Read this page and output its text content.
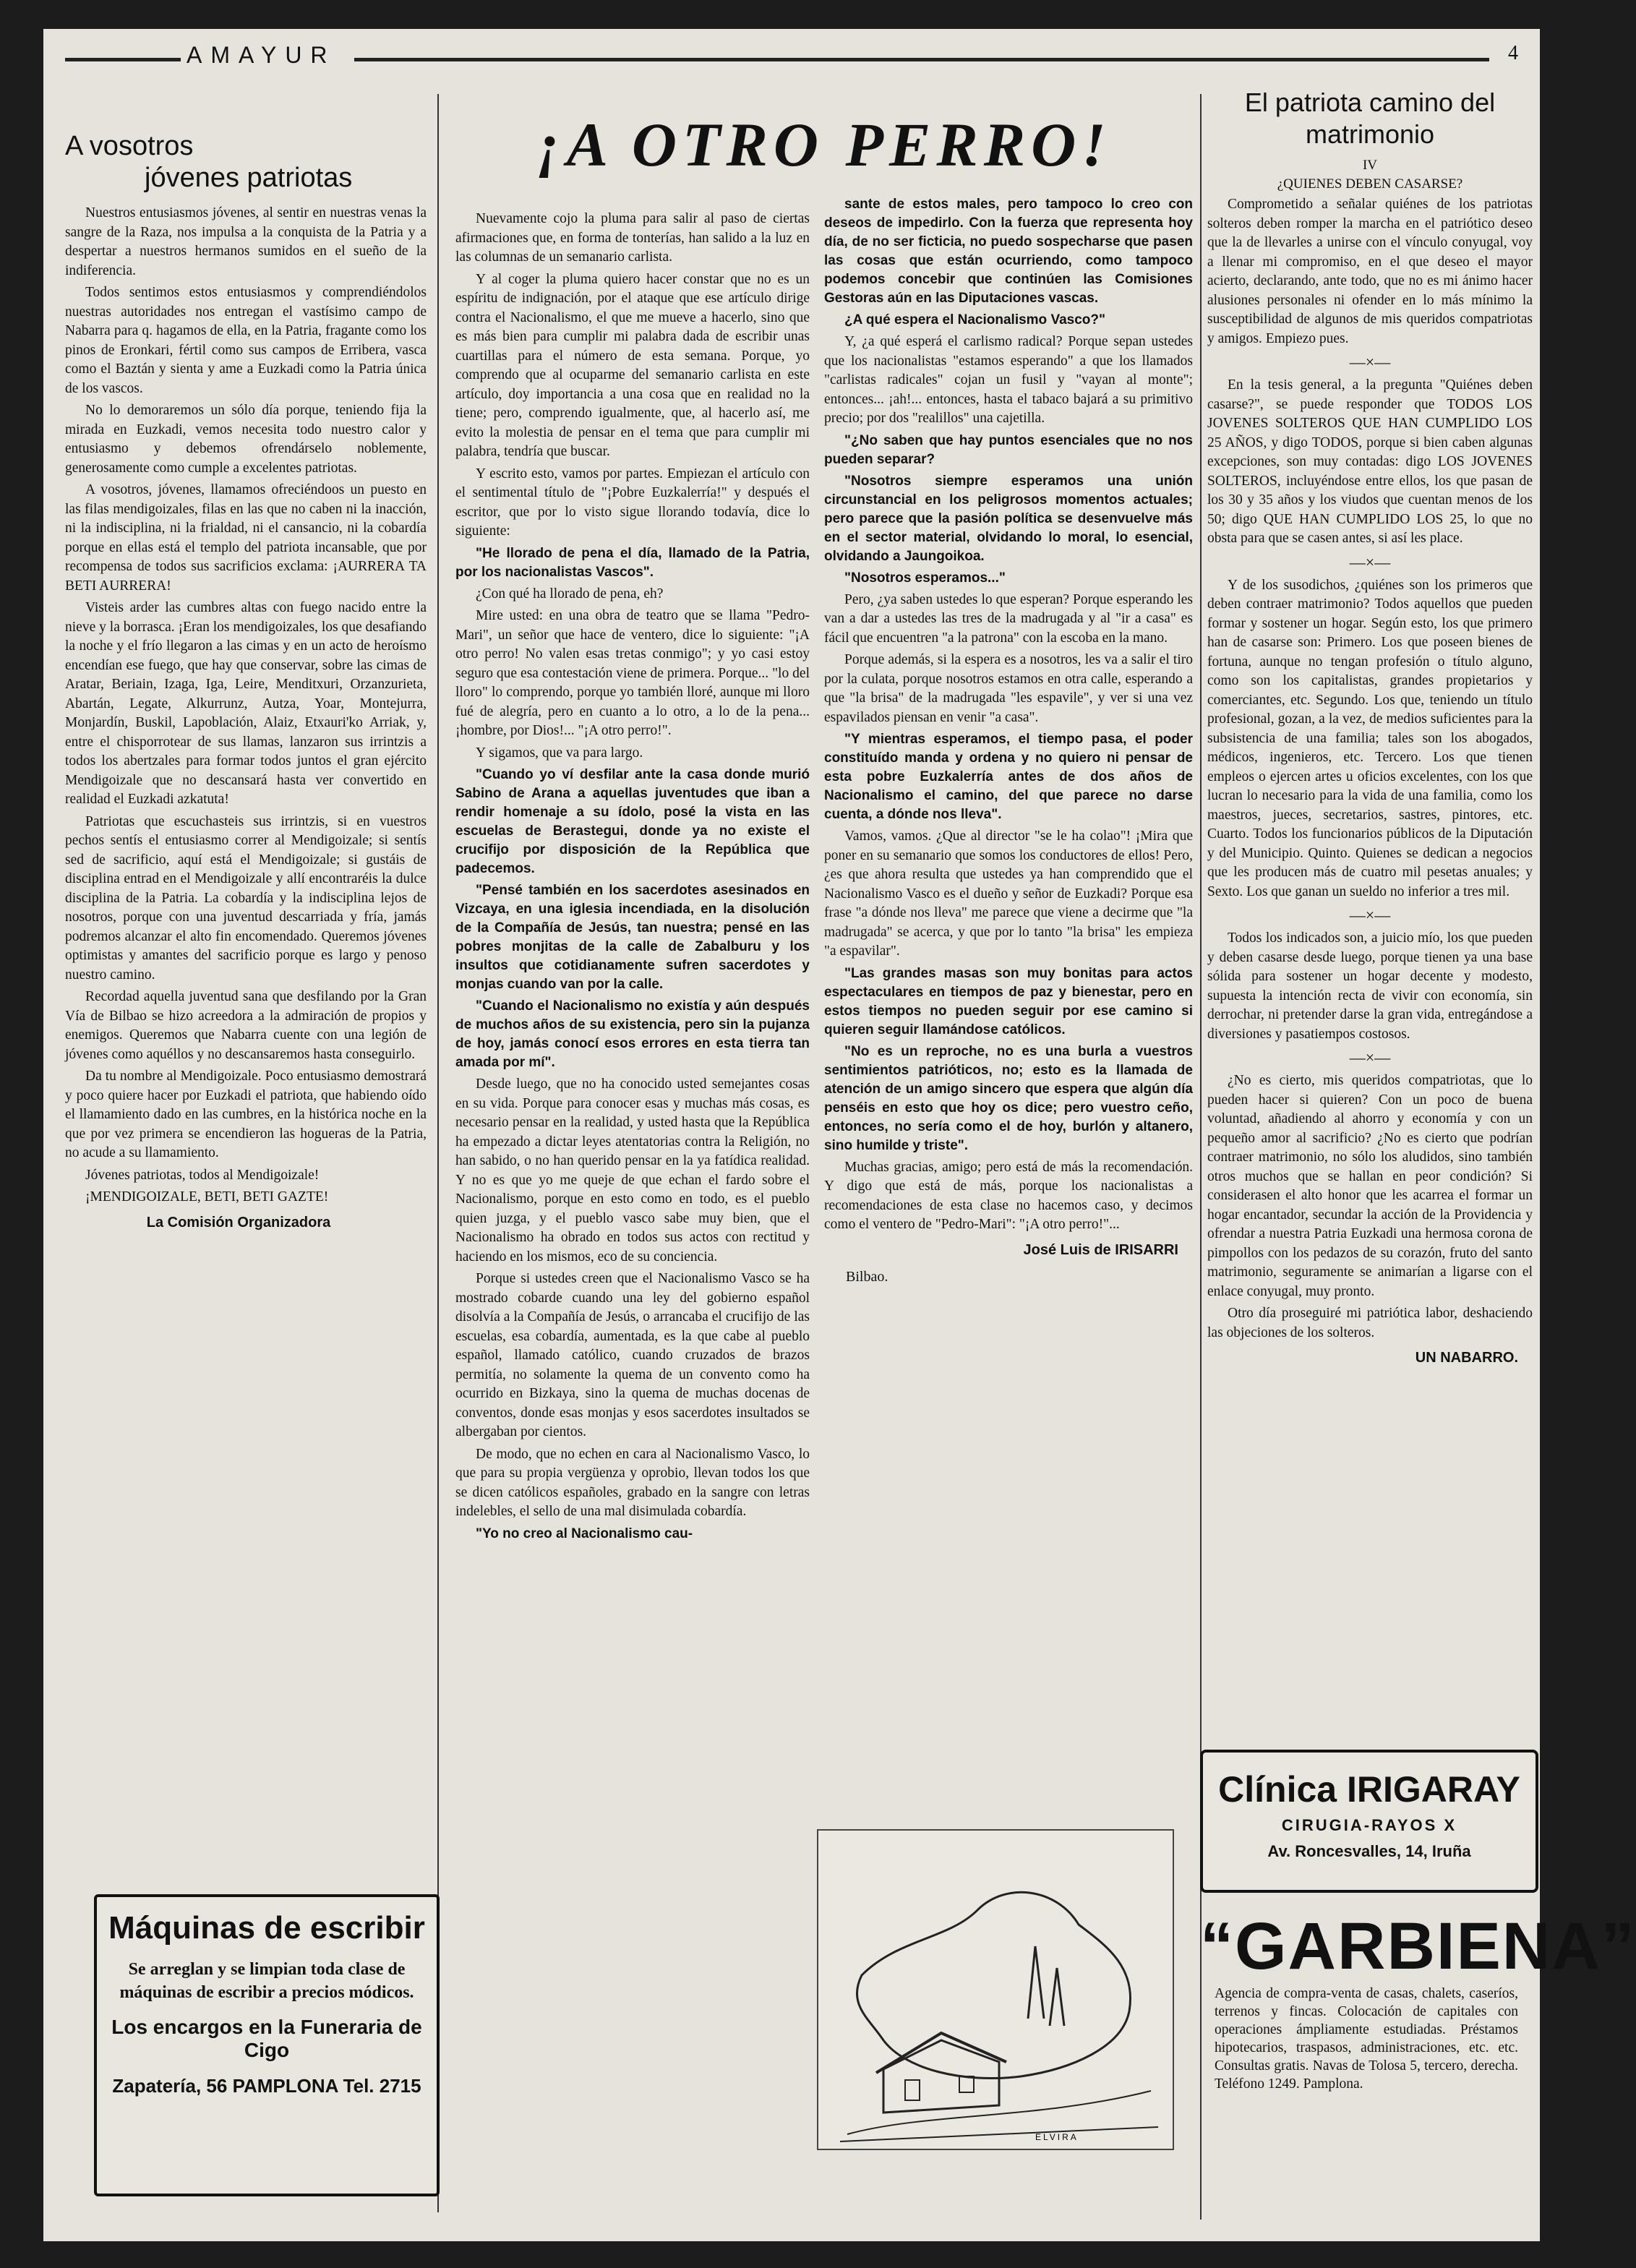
AMAYUR	4
A vosotros
jóvenes patriotas

Nuestros entusiasmos jóvenes, al sentir en nuestras venas la sangre de la Raza, nos impulsa a la conquista de la Patria y a despertar a nuestros hermanos sumidos en el sueño de la indiferencia.

Todos sentimos estos entusiasmos y comprendiéndolos nuestras autoridades nos entregan el vastísimo campo de Nabarra para q. hagamos de ella, en la Patria, fragante como los pinos de Eronkari, fértil como sus campos de Erribera, vasca como el Baztán y sienta y ame a Euzkadi como la Patria única de los vascos.

No lo demoraremos un sólo día porque, teniendo fija la mirada en Euzkadi, vemos necesita todo nuestro calor y entusiasmo y debemos ofrendárselo noblemente, generosamente como cumple a excelentes patriotas.

A vosotros, jóvenes, llamamos ofreciéndoos un puesto en las filas mendigoizales, filas en las que no caben ni la inacción, ni la indisciplina, ni la frialdad, ni el cansancio, ni la cobardía porque en ellas está el templo del patriota incansable, que por recompensa de todos sus sacrificios exclama: ¡AURRERA TA BETI AURRERA!

Visteis arder las cumbres altas con fuego nacido entre la nieve y la borrasca. ¡Eran los mendigoizales, los que desafiando la noche y el frío llegaron a las cimas y en un acto de heroísmo encendían ese fuego, que hay que conservar, sobre las cimas de Aratar, Beriain, Izaga, Iga, Leire, Menditxuri, Orzanzurieta, Abartán, Legate, Alkurrunz, Autza, Yoar, Montejurra, Monjardín, Buskil, Lapoblación, Alaiz, Etxauri'ko Arriak, y, entre el chisporrotear de sus llamas, lanzaron sus irrintzis a todos los abertzales para formar todos juntos el gran ejército Mendigoizale que no descansará hasta ver convertido en realidad el Euzkadi azkatuta!

Patriotas que escuchasteis sus irrintzis, si en vuestros pechos sentís el entusiasmo correr al Mendigoizale; si sentís sed de sacrificio, aquí está el Mendigoizale; si gustáis de disciplina entrad en el Mendigoizale y allí encontraréis la dulce disciplina de la Patria. La cobardía y la indisciplina lejos de nosotros, porque con una juventud descarriada y fría, jamás podremos alcanzar el alto fin encomendado. Queremos jóvenes optimistas y amantes del sacrificio porque es largo y penoso nuestro camino.

Recordad aquella juventud sana que desfilando por la Gran Vía de Bilbao se hizo acreedora a la admiración de propios y enemigos. Queremos que Nabarra cuente con una legión de jóvenes como aquéllos y no descansaremos hasta conseguirlo.

Da tu nombre al Mendigoizale. Poco entusiasmo demostrará y poco quiere hacer por Euzkadi el patriota, que habiendo oído el llamamiento dado en las cumbres, en la histórica noche en la que por vez primera se encendieron las hogueras de la Patria, no acude a su llamamiento.

Jóvenes patriotas, todos al Mendigoizale!

¡MENDIGOIZALE, BETI, BETI GAZTE!

La Comisión Organizadora
¡A OTRO PERRO!

Nuevamente cojo la pluma para salir al paso de ciertas afirmaciones que, en forma de tonterías, han salido a la luz en las columnas de un semanario carlista.

Y al coger la pluma quiero hacer constar que no es un espíritu de indignación, por el ataque que ese artículo dirige contra el Nacionalismo, el que me mueve a hacerlo, sino que es más bien para cumplir mi palabra dada de escribir unas cuartillas para el número de esta semana. Porque, yo comprendo que al ocuparme del semanario carlista en este artículo, doy importancia a una cosa que en realidad no la tiene; pero, comprendo igualmente, que, al hacerlo así, me evito la molestia de pensar en el tema que para cumplir mi palabra, tendría que buscar.

Y escrito esto, vamos por partes. Empiezan el artículo con el sentimental título de "¡Pobre Euzkalerría!" y después el escritor, que por lo visto sigue llorando todavía, dice lo siguiente:

"He llorado de pena el día, llamado de la Patria, por los nacionalistas Vascos".

¿Con qué ha llorado de pena, eh?

Mire usted: en una obra de teatro que se llama "Pedro-Mari", un señor que hace de ventero, dice lo siguiente: "¡A otro perro! No valen esas tretas conmigo"; y yo casi estoy seguro que esa contestación viene de primera. Porque... "lo del lloro" lo comprendo, porque yo también lloré, aunque mi lloro fué de alegría, pero en cuanto a lo otro, a lo de la pena... ¡hombre, por Dios!... "¡A otro perro!".

Y sigamos, que va para largo.

"Cuando yo ví desfilar ante la casa donde murió Sabino de Arana a aquellas juventudes que iban a rendir homenaje a su ídolo, posé la vista en las escuelas de Berastegui, donde ya no existe el crucifijo por disposición de la República que padecemos.

"Pensé también en los sacerdotes asesinados en Vizcaya, en una iglesia incendiada, en la disolución de la Compañía de Jesús, tan nuestra; pensé en las pobres monjitas de la calle de Zabalburu y los insultos que cotidianamente sufren sacerdotes y monjas cuando van por la calle.

"Cuando el Nacionalismo no existía y aún después de muchos años de su existencia, pero sin la pujanza de hoy, jamás conocí esos errores en esta tierra tan amada por mí".

Desde luego, que no ha conocido usted semejantes cosas en su vida. Porque para conocer esas y muchas más cosas, es necesario pensar en la realidad, y usted hasta que la República ha empezado a dictar leyes atentatorias contra la Religión, no han sabido, o no han querido pensar en la ya fatídica realidad. Y no es que yo me queje de que echan el fardo sobre el Nacionalismo, porque en esto como en todo, es el pueblo quien juzga, y el pueblo vasco sabe muy bien, que el Nacionalismo ha obrado en todos sus actos con rectitud y haciendo en los mismos, eco de su conciencia.

Porque si ustedes creen que el Nacionalismo Vasco se ha mostrado cobarde cuando una ley del gobierno español disolvía a la Compañía de Jesús, o arrancaba el crucifijo de las escuelas, esa cobardía, aumentada, es la que cabe al pueblo español, llamado católico, cuando cruzados de brazos permitía, no solamente la quema de un convento como ha ocurrido en Bizkaya, sino la quema de muchas docenas de conventos, donde esas monjas y esos sacerdotes insultados se albergaban por cientos.

De modo, que no echen en cara al Nacionalismo Vasco, lo que para su propia vergüenza y oprobio, llevan todos los que se dicen católicos españoles, grabado en la sangre con letras indelebles, el sello de una mal disimulada cobardía.

"Yo no creo al Nacionalismo cau-

sante de estos males, pero tampoco lo creo con deseos de impedirlo. Con la fuerza que representa hoy día, de no ser ficticia, no puedo sospecharse que pasen las cosas que están ocurriendo, como tampoco podemos concebir que continúen las Comisiones Gestoras aún en las Diputaciones vascas.

¿A qué espera el Nacionalismo Vasco?"

Y, ¿a qué esperá el carlismo radical? Porque sepan ustedes que los nacionalistas "estamos esperando" a que los llamados "carlistas radicales" cojan un fusil y "vayan al monte"; entonces... ¡ah!... entonces, hasta el tabaco bajará a su primitivo precio; por dos "realillos" una cajetilla.

"¿No saben que hay puntos esenciales que no nos pueden separar?

"Nosotros siempre esperamos una unión circunstancial en los peligrosos momentos actuales; pero parece que la pasión política se desenvuelve más en el sector material, olvidando lo moral, lo esencial, olvidando a Jaungoikoa.

"Nosotros esperamos..."

Pero, ¿ya saben ustedes lo que esperan? Porque esperando les van a dar a ustedes las tres de la madrugada y al "ir a casa" es fácil que encuentren "a la patrona" con la escoba en la mano.

Porque además, si la espera es a nosotros, les va a salir el tiro por la culata, porque nosotros estamos en otra calle, esperando a que "la brisa" de la madrugada "les espavile", y ver si una vez espavilados piensan en venir "a casa".

"Y mientras esperamos, el tiempo pasa, el poder constituído manda y ordena y no quiero ni pensar de esta pobre Euzkalerría antes de dos años de Nacionalismo el camino, del que parece no darse cuenta, a dónde nos lleva".

Vamos, vamos. ¿Que al director "se le ha colao"! ¡Mira que poner en su semanario que somos los conductores de ellos! Pero, ¿es que ahora resulta que ustedes ya han comprendido que el Nacionalismo Vasco es el dueño y señor de Euzkadi? Porque esa frase "a dónde nos lleva" me parece que viene a decirme que "la madrugada" se acerca, y que por lo tanto "la brisa" les empieza "a espavilar".

"Las grandes masas son muy bonitas para actos espectaculares en tiempos de paz y bienestar, pero en estos tiempos no pueden seguir por ese camino si quieren seguir llamándose católicos.

"No es un reproche, no es una burla a vuestros sentimientos patrióticos, no; esto es la llamada de atención de un amigo sincero que espera que algún día penséis en esto que hoy os dice; pero vuestro ceño, entonces, no sería como el de hoy, burlón y altanero, sino humilde y triste".

Muchas gracias, amigo; pero está de más la recomendación. Y digo que está de más, porque los nacionalistas a recomendaciones de esta clase no hacemos caso, y decimos como el ventero de "Pedro-Mari": "¡A otro perro!"...

José Luis de IRISARRI
Bilbao.
ELVIRA
El patriota camino del matrimonio
IV
¿QUIENES DEBEN CASARSE?

Comprometido a señalar quiénes de los patriotas solteros deben romper la marcha en el patriótico deseo que la de llevarles a unirse con el vínculo conyugal, voy a llenar mi compromiso, en el que deseo el mayor acierto, declarando, ante todo, que no es mi ánimo hacer alusiones personales ni ofender en lo más mínimo la susceptibilidad de algunos de mis queridos compatriotas y amigos. Empiezo pues.

—×—

En la tesis general, a la pregunta "Quiénes deben casarse?", se puede responder que TODOS LOS JOVENES SOLTEROS QUE HAN CUMPLIDO LOS 25 AÑOS, y digo TODOS, porque si bien caben algunas excepciones, son muy contadas: digo LOS JOVENES SOLTEROS, incluyéndose entre ellos, los que pasan de los 30 y 35 años y los viudos que cuentan menos de los 50; digo QUE HAN CUMPLIDO LOS 25, lo que no obsta para que se casen antes, si así les place.

—×—

Y de los susodichos, ¿quiénes son los primeros que deben contraer matrimonio? Todos aquellos que pueden formar y sostener un hogar. Según esto, los que primero han de casarse son: Primero. Los que poseen bienes de fortuna, aunque no tengan profesión o título alguno, como son los capitalistas, grandes propietarios y comerciantes, etc. Segundo. Los que, teniendo un título profesional, gozan, a la vez, de medios suficientes para la subsistencia de una familia; tales son los abogados, médicos, ingenieros, etc. Tercero. Los que tienen empleos o ejercen artes u oficios excelentes, con los que lucran lo necesario para la vida de una familia, como los maestros, jueces, secretarios, sastres, pintores, etc. Cuarto. Todos los funcionarios públicos de la Diputación y del Municipio. Quinto. Quienes se dedican a negocios que les producen más de cuatro mil pesetas anuales; y Sexto. Los que ganan un sueldo no inferior a tres mil.

—×—

Todos los indicados son, a juicio mío, los que pueden y deben casarse desde luego, porque tienen ya una base sólida para sostener un hogar decente y modesto, supuesta la intención recta de vivir con economía, sin derrochar, ni pretender darse la gran vida, entregándose a diversiones y pasatiempos costosos.

—×—

¿No es cierto, mis queridos compatriotas, que lo pueden hacer si quieren? Con un poco de buena voluntad, añadiendo al ahorro y economía y con un pequeño amor al sacrificio? ¿No es cierto que podrían contraer matrimonio, no sólo los aludidos, sino también otros muchos que se hallan en peor condición? Si considerasen el alto honor que les acarrea el formar un hogar encantador, secundar la acción de la Providencia y ofrendar a nuestra Patria Euzkadi una hermosa corona de pimpollos con los pedazos de su corazón, fruto del santo matrimonio, seguramente se animarían a ligarse con el enlace conyugal, muy pronto.

Otro día proseguiré mi patriótica labor, deshaciendo las objeciones de los solteros.

UN NABARRO.
Máquinas de escribir
Se arreglan y se limpian toda clase de máquinas de escribir a precios módicos.
Los encargos en la Funeraria de Cigo
Zapatería, 56 PAMPLONA Tel. 2715
Clínica IRIGARAY
CIRUGIA-RAYOS X
Av. Roncesvalles, 14, Iruña
“GARBIENA”
Agencia de compra-venta de casas, chalets, caseríos, terrenos y fincas. Colocación de capitales con operaciones ámpliamente estudiadas. Préstamos hipotecarios, traspasos, administraciones, etc. etc. Consultas gratis. Navas de Tolosa 5, tercero, derecha. Teléfono 1249. Pamplona.
